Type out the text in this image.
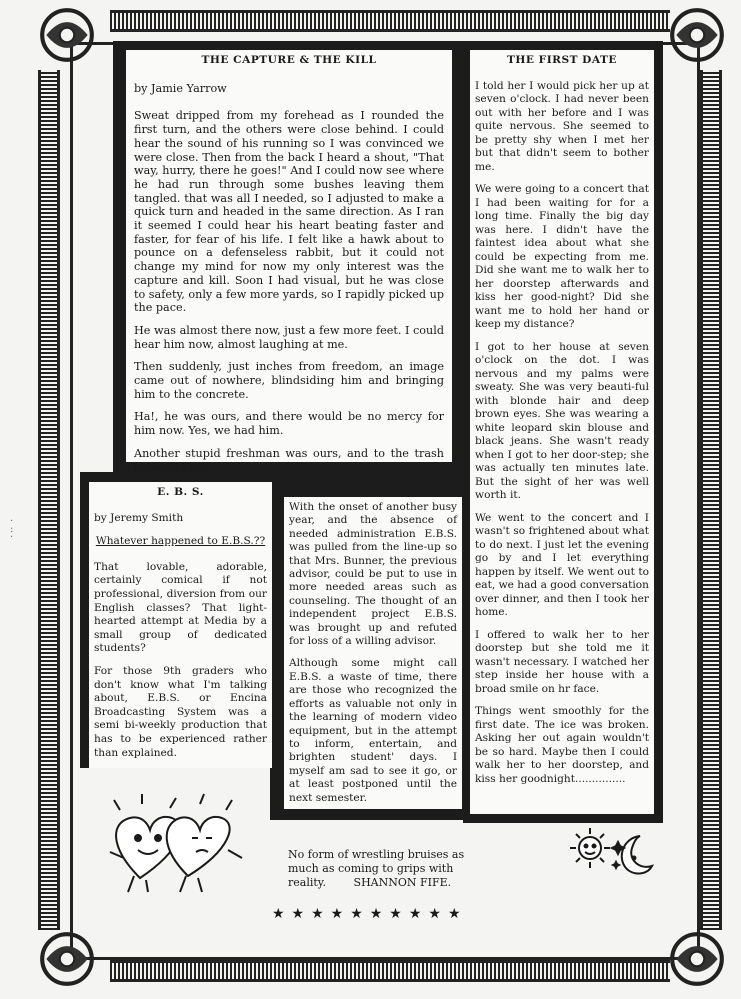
·
:
·
THE CAPTURE & THE KILL
by Jamie Yarrow

Sweat dripped from my forehead as I rounded the first turn, and the others were close behind. I could hear the sound of his running so I was convinced we were close. Then from the back I heard a shout, "That way, hurry, there he goes!" And I could now see where he had run through some bushes leaving them tangled. that was all I needed, so I adjusted to make a quick turn and headed in the same direction. As I ran it seemed I could hear his heart beating faster and faster, for fear of his life. I felt like a hawk about to pounce on a defenseless rabbit, but it could not change my mind for now my only interest was the capture and kill. Soon I had visual, but he was close to safety, only a few more yards, so I rapidly picked up the pace.

He was almost there now, just a few more feet. I could hear him now, almost laughing at me.

Then suddenly, just inches from freedom, an image came out of nowhere, blindsiding him and bringing him to the concrete.

Ha!, he was ours, and there would be no mercy for him now. Yes, we had him.

Another stupid freshman was ours, and to the trash he would go....

THE FIRST DATE

I told her I would pick her up at seven o'clock. I had never been out with her before and I was quite nervous. She seemed to be pretty shy when I met her but that didn't seem to bother me.

We were going to a concert that I had been waiting for for a long time. Finally the big day was here. I didn't have the faintest idea about what she could be expecting from me. Did she want me to walk her to her doorstep afterwards and kiss her good-night? Did she want me to hold her hand or keep my distance?

I got to her house at seven o'clock on the dot. I was nervous and my palms were sweaty. She was very beauti-ful with blonde hair and deep brown eyes. She was wearing a white leopard skin blouse and black jeans. She wasn't ready when I got to her door-step; she was actually ten minutes late. But the sight of her was well worth it.

We went to the concert and I wasn't so frightened about what to do next. I just let the evening go by and I let everything happen by itself. We went out to eat, we had a good conversation over dinner, and then I took her home.

I offered to walk her to her doorstep but she told me it wasn't necessary. I watched her step inside her house with a broad smile on hr face.

Things went smoothly for the first date. The ice was broken. Asking her out again wouldn't be so hard. Maybe then I could walk her to her doorstep, and kiss her goodnight...............

E. B. S.
by Jeremy Smith
Whatever happened to E.B.S.??

That lovable, adorable, certainly comical if not professional, diversion from our English classes? That light-hearted attempt at Media by a small group of dedicated students?

For those 9th graders who don't know what I'm talking about, E.B.S. or Encina Broadcasting System was a semi bi-weekly production that has to be experienced rather than explained.

With the onset of another busy year, and the absence of needed administration E.B.S. was pulled from the line-up so that Mrs. Bunner, the previous advisor, could be put to use in more needed areas such as counseling. The thought of an independent project E.B.S. was brought up and refuted for loss of a willing advisor.

Although some might call E.B.S. a waste of time, there are those who recognized the efforts as valuable not only in the learning of modern video equipment, but in the attempt to inform, entertain, and brighten student' days. I myself am sad to see it go, or at least postponed until the next semester.

No form of wrestling bruises as much as coming to grips with reality.	SHANNON FIFE.
★★★★★★★★★★
